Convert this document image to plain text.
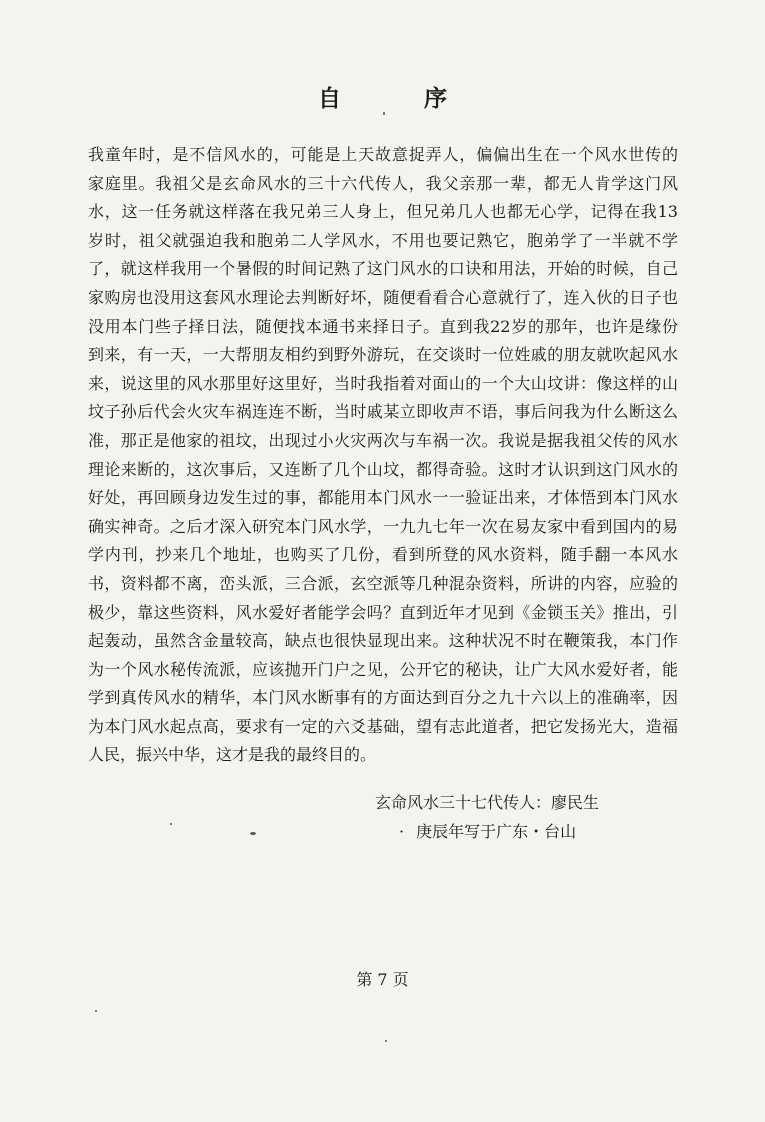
自　序
我童年时，是不信风水的，可能是上天故意捉弄人，偏偏出生在一个风水世传的
家庭里。我祖父是玄命风水的三十六代传人，我父亲那一辈，都无人肯学这门风
水，这一任务就这样落在我兄弟三人身上，但兄弟几人也都无心学，记得在我13
岁时，祖父就强迫我和胞弟二人学风水，不用也要记熟它，胞弟学了一半就不学
了，就这样我用一个暑假的时间记熟了这门风水的口诀和用法，开始的时候，自己
家购房也没用这套风水理论去判断好坏，随便看看合心意就行了，连入伙的日子也
没用本门些子择日法，随便找本通书来择日子。直到我22岁的那年，也许是缘份
到来，有一天，一大帮朋友相约到野外游玩，在交谈时一位姓戚的朋友就吹起风水
来，说这里的风水那里好这里好，当时我指着对面山的一个大山坟讲：像这样的山
坟子孙后代会火灾车祸连连不断，当时戚某立即收声不语，事后问我为什么断这么
准，那正是他家的祖坟，出现过小火灾两次与车祸一次。我说是据我祖父传的风水
理论来断的，这次事后，又连断了几个山坟，都得奇验。这时才认识到这门风水的
好处，再回顾身边发生过的事，都能用本门风水一一验证出来，才体悟到本门风水
确实神奇。之后才深入研究本门风水学，一九九七年一次在易友家中看到国内的易
学内刊，抄来几个地址，也购买了几份，看到所登的风水资料，随手翻一本风水
书，资料都不离，峦头派，三合派，玄空派等几种混杂资料，所讲的内容，应验的
极少，靠这些资料，风水爱好者能学会吗？直到近年才见到《金锁玉关》推出，引
起轰动，虽然含金量较高，缺点也很快显现出来。这种状况不时在鞭策我，本门作
为一个风水秘传流派，应该抛开门户之见，公开它的秘诀，让广大风水爱好者，能
学到真传风水的精华，本门风水断事有的方面达到百分之九十六以上的准确率，因
为本门风水起点高，要求有一定的六爻基础，望有志此道者，把它发扬光大，造福
人民，振兴中华，这才是我的最终目的。
玄命风水三十七代传人：廖民生
· 庚辰年写于广东・台山
第 7 页
